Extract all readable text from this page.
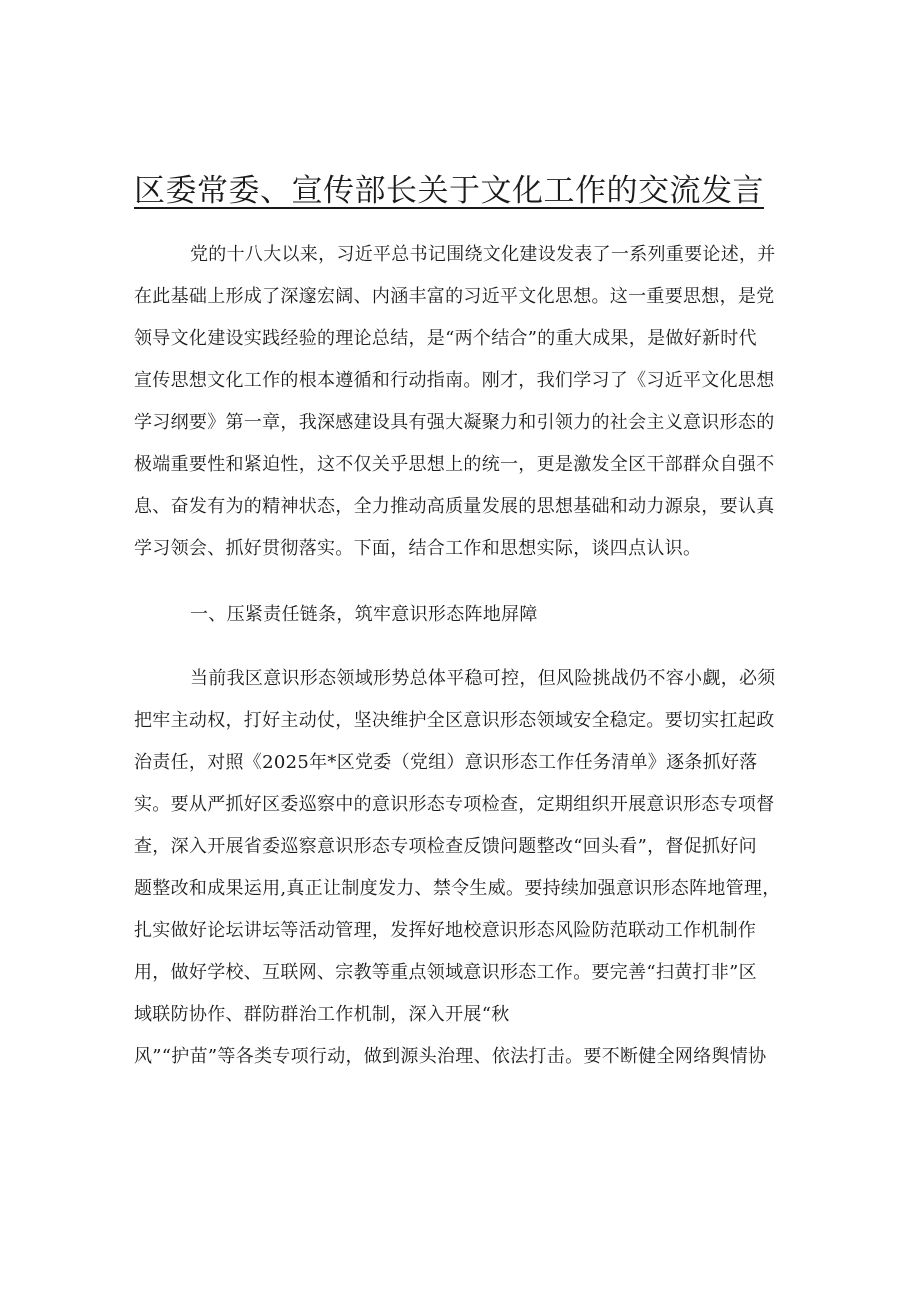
区委常委、宣传部长关于文化工作的交流发言
党的十八大以来，习近平总书记围绕文化建设发表了一系列重要论述，并
在此基础上形成了深邃宏阔、内涵丰富的习近平文化思想。这一重要思想，是党
领导文化建设实践经验的理论总结，是“两个结合”的重大成果，是做好新时代
宣传思想文化工作的根本遵循和行动指南。刚才，我们学习了《习近平文化思想
学习纲要》第一章，我深感建设具有强大凝聚力和引领力的社会主义意识形态的
极端重要性和紧迫性，这不仅关乎思想上的统一，更是激发全区干部群众自强不
息、奋发有为的精神状态，全力推动高质量发展的思想基础和动力源泉，要认真
学习领会、抓好贯彻落实。下面，结合工作和思想实际，谈四点认识。
一、压紧责任链条，筑牢意识形态阵地屏障
当前我区意识形态领域形势总体平稳可控，但风险挑战仍不容小觑，必须
把牢主动权，打好主动仗，坚决维护全区意识形态领域安全稳定。要切实扛起政
治责任，对照《2025年*区党委（党组）意识形态工作任务清单》逐条抓好落
实。要从严抓好区委巡察中的意识形态专项检查，定期组织开展意识形态专项督
查，深入开展省委巡察意识形态专项检查反馈问题整改“回头看”，督促抓好问
题整改和成果运用,真正让制度发力、禁令生威。要持续加强意识形态阵地管理，
扎实做好论坛讲坛等活动管理，发挥好地校意识形态风险防范联动工作机制作
用，做好学校、互联网、宗教等重点领域意识形态工作。要完善“扫黄打非”区
域联防协作、群防群治工作机制，深入开展“秋
风”“护苗”等各类专项行动，做到源头治理、依法打击。要不断健全网络舆情协
